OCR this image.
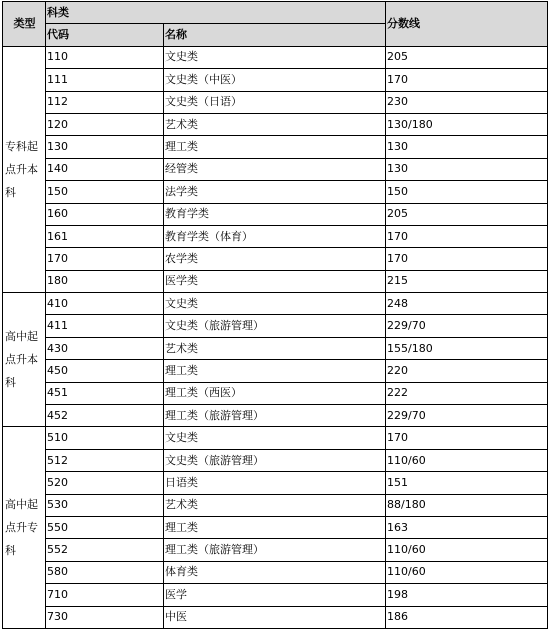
类型	科类		分数线
	代码	名称	
专科起点升本科	110	文史类	205
	111	文史类（中医）	170
	112	文史类（日语）	230
	120	艺术类	130/180
	130	理工类	130
	140	经管类	130
	150	法学类	150
	160	教育学类	205
	161	教育学类（体育）	170
	170	农学类	170
	180	医学类	215
高中起点升本科	410	文史类	248
	411	文史类（旅游管理）	229/70
	430	艺术类	155/180
	450	理工类	220
	451	理工类（西医）	222
	452	理工类（旅游管理）	229/70
高中起点升专科	510	文史类	170
	512	文史类（旅游管理）	110/60
	520	日语类	151
	530	艺术类	88/180
	550	理工类	163
	552	理工类（旅游管理）	110/60
	580	体育类	110/60
	710	医学	198
	730	中医	186
